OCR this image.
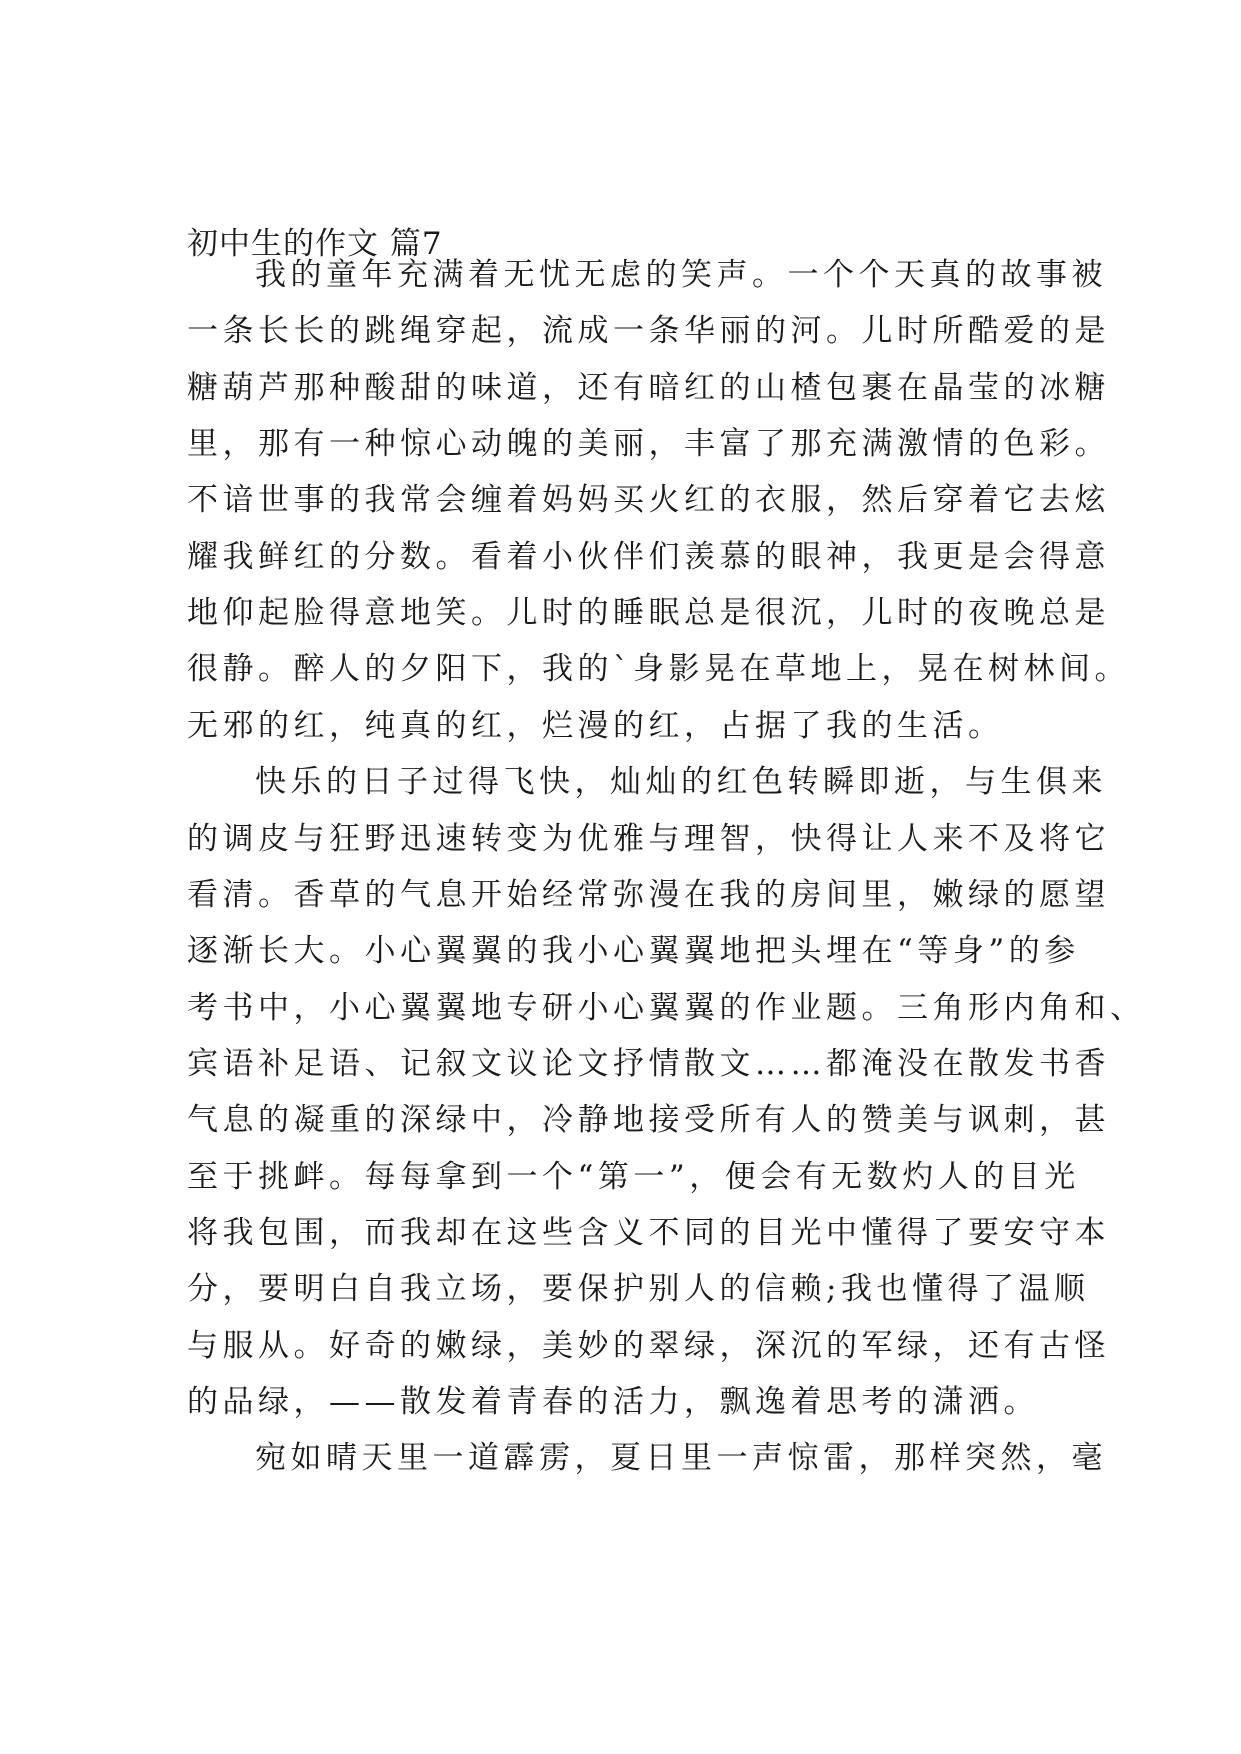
初中生的作文 篇7
我的童年充满着无忧无虑的笑声。一个个天真的故事被
一条长长的跳绳穿起，流成一条华丽的河。儿时所酷爱的是
糖葫芦那种酸甜的味道，还有暗红的山楂包裹在晶莹的冰糖
里，那有一种惊心动魄的美丽，丰富了那充满激情的色彩。
不谙世事的我常会缠着妈妈买火红的衣服，然后穿着它去炫
耀我鲜红的分数。看着小伙伴们羡慕的眼神，我更是会得意
地仰起脸得意地笑。儿时的睡眠总是很沉，儿时的夜晚总是
很静。醉人的夕阳下，我的`身影晃在草地上，晃在树林间。
无邪的红，纯真的红，烂漫的红，占据了我的生活。
快乐的日子过得飞快，灿灿的红色转瞬即逝，与生俱来
的调皮与狂野迅速转变为优雅与理智，快得让人来不及将它
看清。香草的气息开始经常弥漫在我的房间里，嫩绿的愿望
逐渐长大。小心翼翼的我小心翼翼地把头埋在“等身”的参
考书中，小心翼翼地专研小心翼翼的作业题。三角形内角和、
宾语补足语、记叙文议论文抒情散文……都淹没在散发书香
气息的凝重的深绿中，冷静地接受所有人的赞美与讽刺，甚
至于挑衅。每每拿到一个“第一”，便会有无数灼人的目光
将我包围，而我却在这些含义不同的目光中懂得了要安守本
分，要明白自我立场，要保护别人的信赖;我也懂得了温顺
与服从。好奇的嫩绿，美妙的翠绿，深沉的军绿，还有古怪
的品绿，——散发着青春的活力，飘逸着思考的潇洒。
宛如晴天里一道霹雳，夏日里一声惊雷，那样突然，毫
